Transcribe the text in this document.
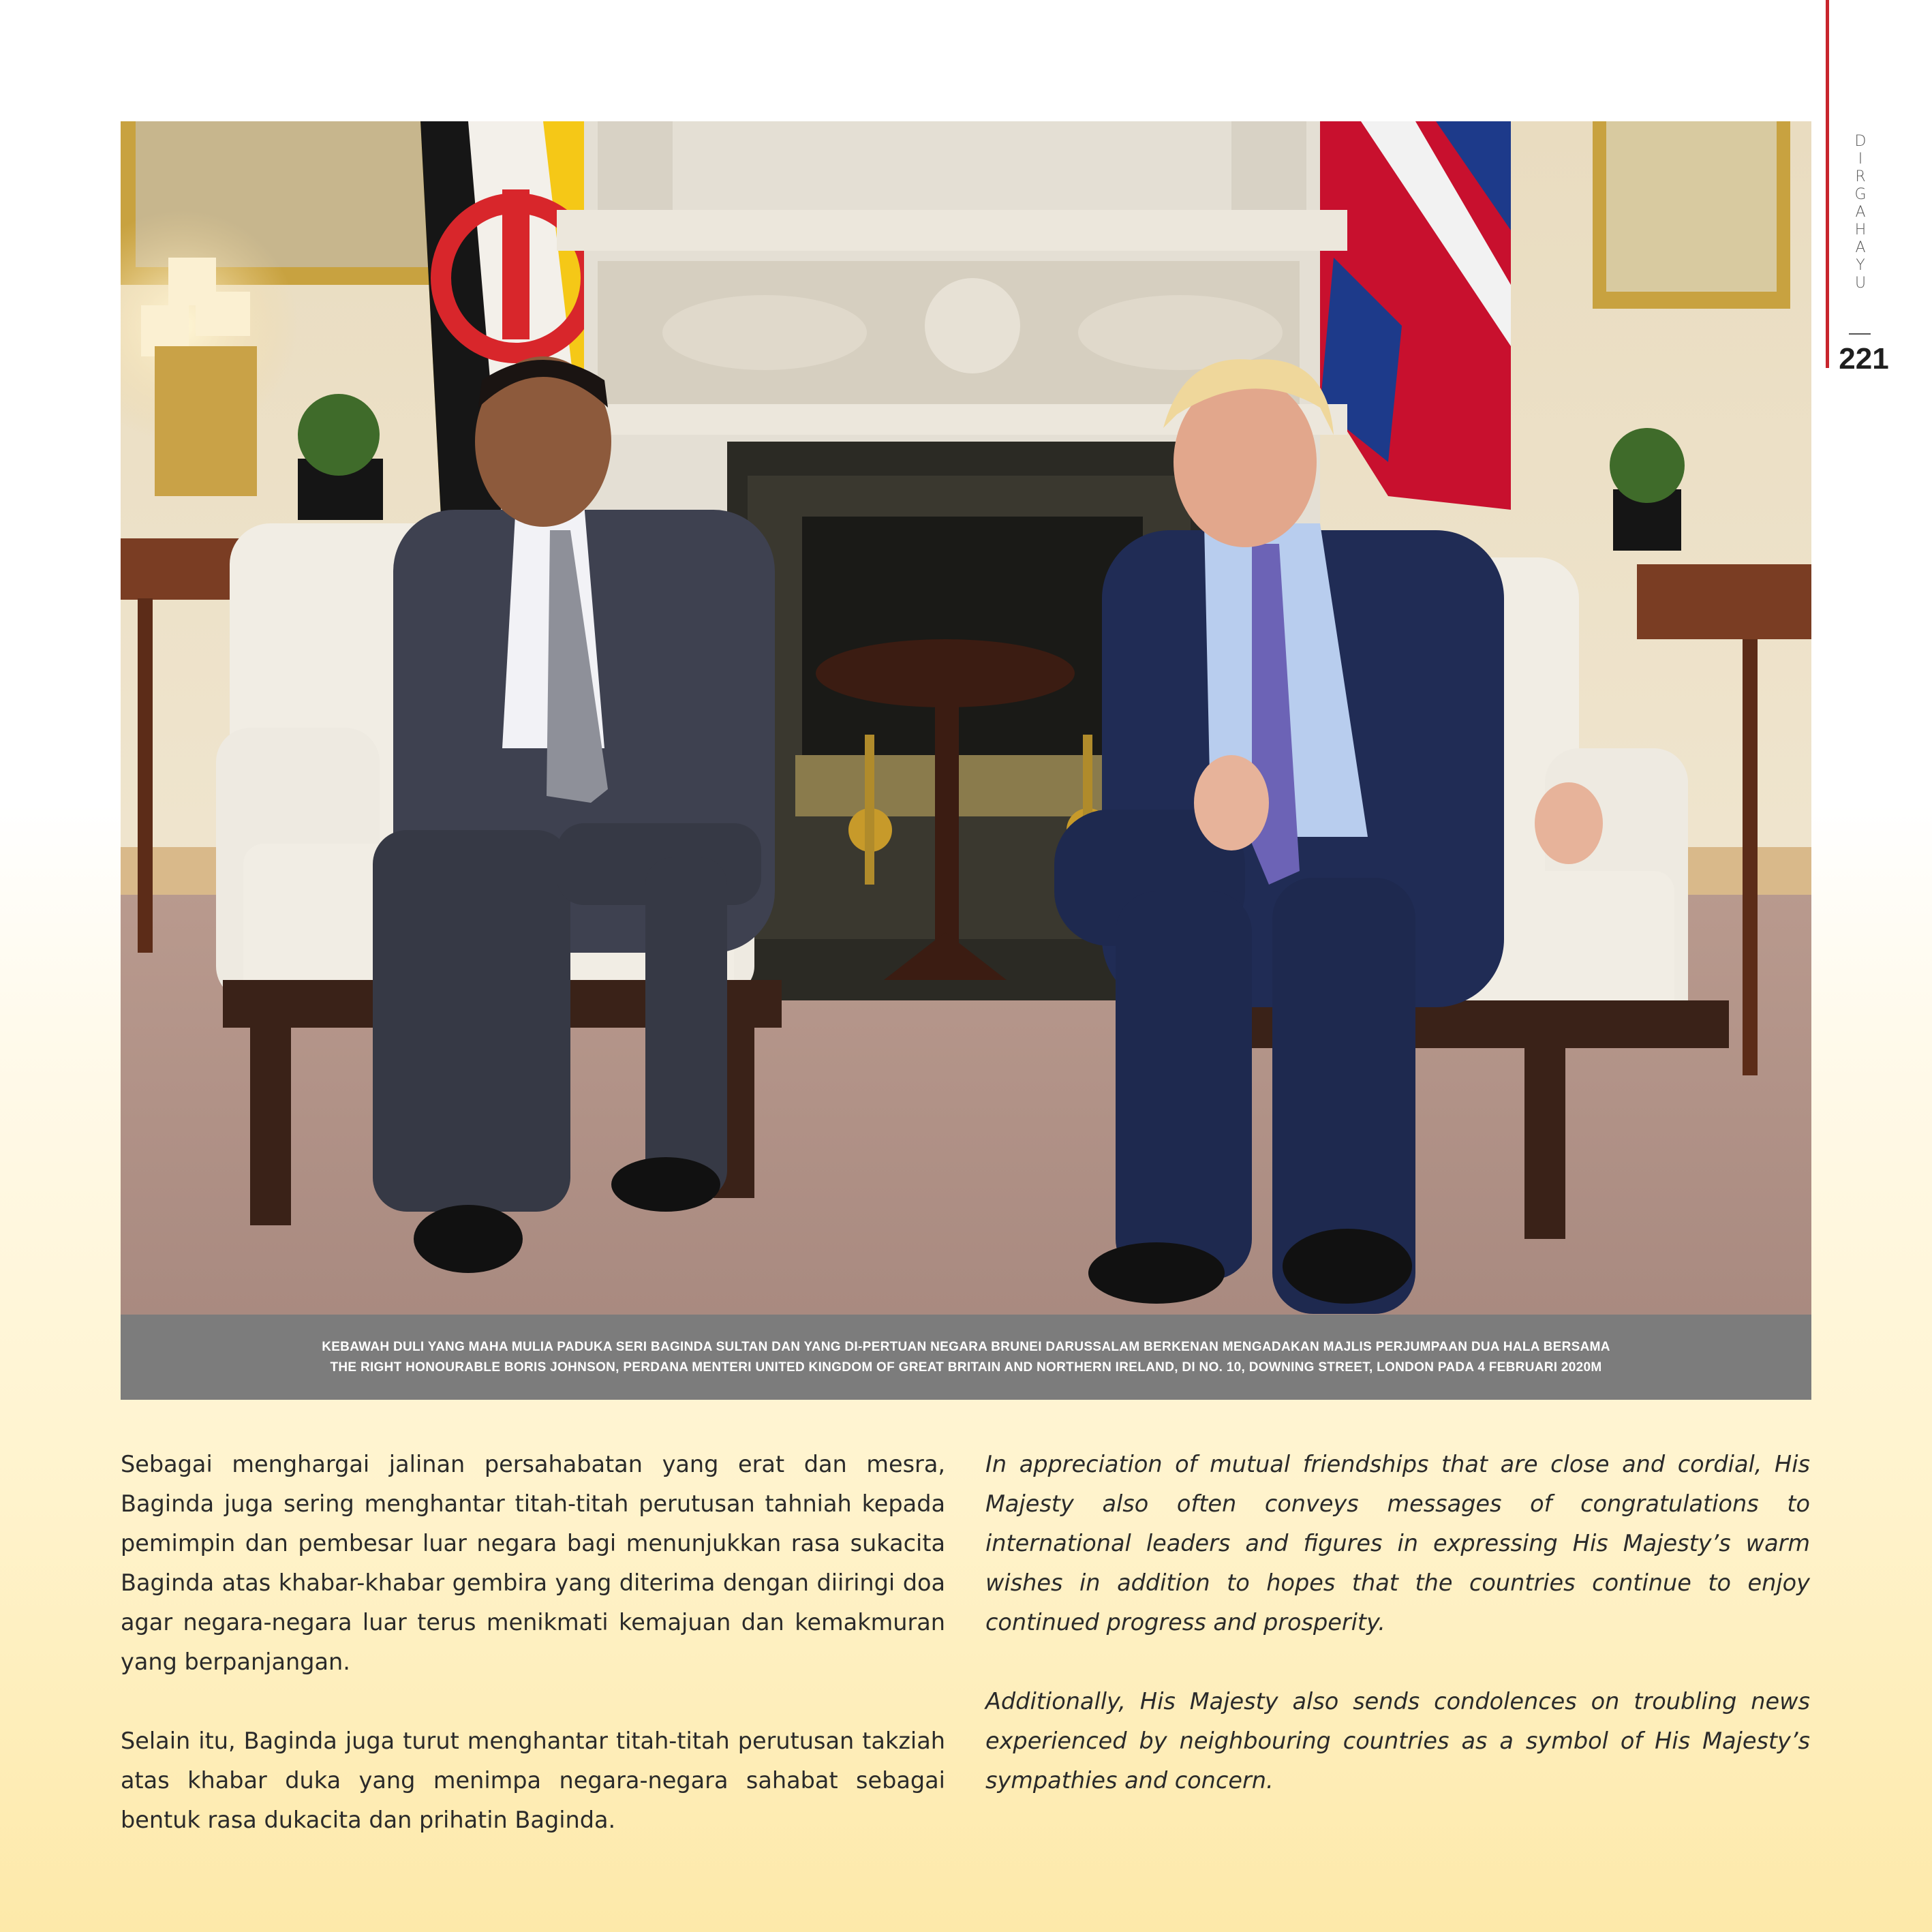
D
I
R
G
A
H
A
Y
U
221
KEBAWAH DULI YANG MAHA MULIA PADUKA SERI BAGINDA SULTAN DAN YANG DI-PERTUAN NEGARA BRUNEI DARUSSALAM BERKENAN MENGADAKAN MAJLIS PERJUMPAAN DUA HALA BERSAMA
THE RIGHT HONOURABLE BORIS JOHNSON, PERDANA MENTERI UNITED KINGDOM OF GREAT BRITAIN AND NORTHERN IRELAND, DI NO. 10, DOWNING STREET, LONDON PADA 4 FEBRUARI 2020M

Sebagai menghargai jalinan persahabatan yang erat dan mesra, Baginda juga sering menghantar titah-titah perutusan tahniah kepada pemimpin dan pembesar luar negara bagi menunjukkan rasa sukacita Baginda atas khabar-khabar gembira yang diterima dengan diiringi doa agar negara-negara luar terus menikmati kemajuan dan kemakmuran yang berpanjangan.

Selain itu, Baginda juga turut menghantar titah-titah perutusan takziah atas khabar duka yang menimpa negara-negara sahabat sebagai bentuk rasa dukacita dan prihatin Baginda.

In appreciation of mutual friendships that are close and cordial, His Majesty also often conveys messages of congratulations to international leaders and figures in expressing His Majesty’s warm wishes in addition to hopes that the countries continue to enjoy continued progress and prosperity.

Additionally, His Majesty also sends condolences on troubling news experienced by neighbouring countries as a symbol of His Majesty’s sympathies and concern.
